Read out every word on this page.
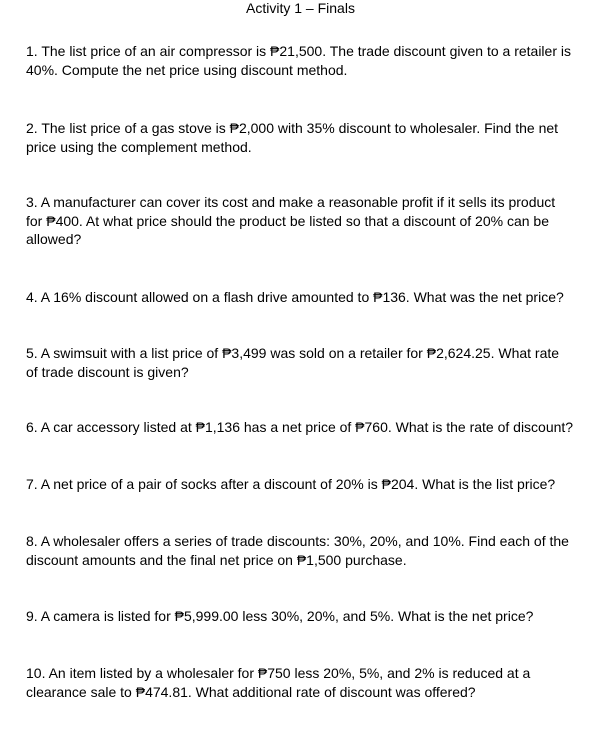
Activity 1 – Finals
1. The list price of an air compressor is ₱21,500. The trade discount given to a retailer is
40%. Compute the net price using discount method.
2. The list price of a gas stove is ₱2,000 with 35% discount to wholesaler. Find the net
price using the complement method.
3. A manufacturer can cover its cost and make a reasonable profit if it sells its product
for ₱400. At what price should the product be listed so that a discount of 20% can be
allowed?
4. A 16% discount allowed on a flash drive amounted to ₱136. What was the net price?
5. A swimsuit with a list price of ₱3,499 was sold on a retailer for ₱2,624.25. What rate
of trade discount is given?
6. A car accessory listed at ₱1,136 has a net price of ₱760. What is the rate of discount?
7. A net price of a pair of socks after a discount of 20% is ₱204. What is the list price?
8. A wholesaler offers a series of trade discounts: 30%, 20%, and 10%. Find each of the
discount amounts and the final net price on ₱1,500 purchase.
9. A camera is listed for ₱5,999.00 less 30%, 20%, and 5%. What is the net price?
10. An item listed by a wholesaler for ₱750 less 20%, 5%, and 2% is reduced at a
clearance sale to ₱474.81. What additional rate of discount was offered?
